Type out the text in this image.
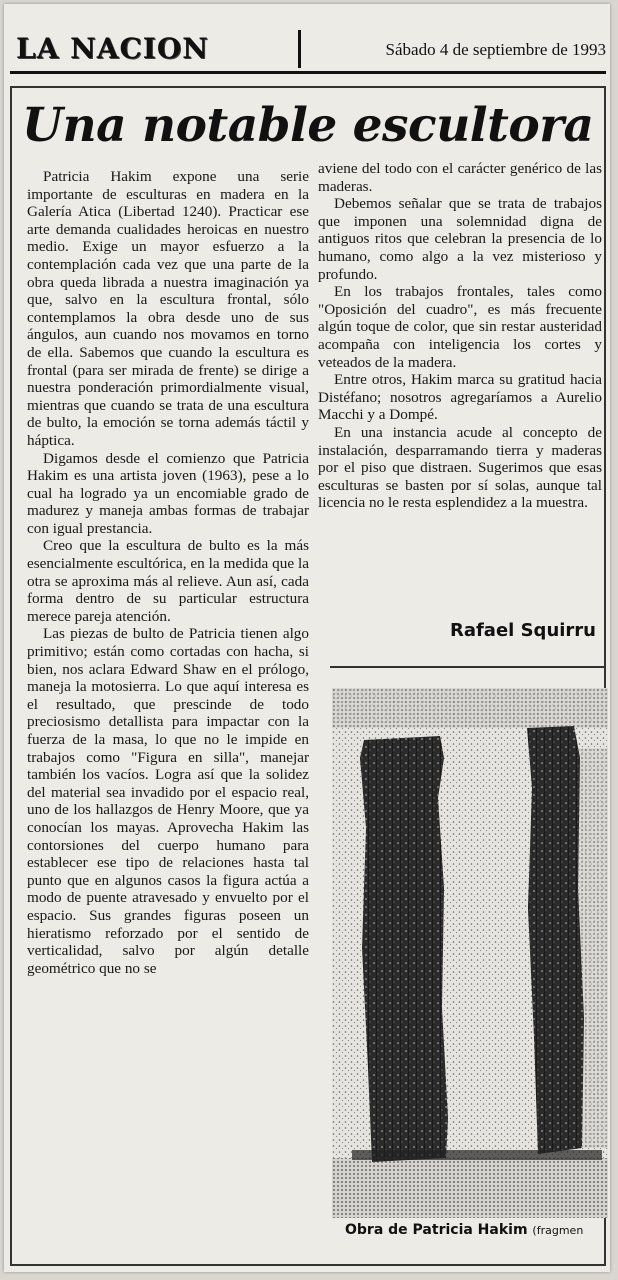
LA NACION	Sábado 4 de septiembre de 1993
Una notable escultora

Patricia Hakim expone una serie importante de esculturas en madera en la Galería Atica (Libertad 1240). Practicar ese arte demanda cualidades heroicas en nuestro medio. Exige un mayor esfuerzo a la contemplación cada vez que una parte de la obra queda librada a nuestra imaginación ya que, salvo en la escultura frontal, sólo contemplamos la obra desde uno de sus ángulos, aun cuando nos movamos en torno de ella. Sabemos que cuando la escultura es frontal (para ser mirada de frente) se dirige a nuestra ponderación primordialmente visual, mientras que cuando se trata de una escultura de bulto, la emoción se torna además táctil y háptica.

Digamos desde el comienzo que Patricia Hakim es una artista joven (1963), pese a lo cual ha logrado ya un encomiable grado de madurez y maneja ambas formas de trabajar con igual prestancia.

Creo que la escultura de bulto es la más esencialmente escultórica, en la medida que la otra se aproxima más al relieve. Aun así, cada forma dentro de su particular estructura merece pareja atención.

Las piezas de bulto de Patricia tienen algo primitivo; están como cortadas con hacha, si bien, nos aclara Edward Shaw en el prólogo, maneja la motosierra. Lo que aquí interesa es el resultado, que prescinde de todo preciosismo detallista para impactar con la fuerza de la masa, lo que no le impide en trabajos como "Figura en silla", manejar también los vacíos. Logra así que la solidez del material sea invadido por el espacio real, uno de los hallazgos de Henry Moore, que ya conocían los mayas. Aprovecha Hakim las contorsiones del cuerpo humano para establecer ese tipo de relaciones hasta tal punto que en algunos casos la figura actúa a modo de puente atravesado y envuelto por el espacio. Sus grandes figuras poseen un hieratismo reforzado por el sentido de verticalidad, salvo por algún detalle geométrico que no se

aviene del todo con el carácter genérico de las maderas.

Debemos señalar que se trata de trabajos que imponen una solemnidad digna de antiguos ritos que celebran la presencia de lo humano, como algo a la vez misterioso y profundo.

En los trabajos frontales, tales como "Oposición del cuadro", es más frecuente algún toque de color, que sin restar austeridad acompaña con inteligencia los cortes y veteados de la madera.

Entre otros, Hakim marca su gratitud hacia Distéfano; nosotros agregaríamos a Aurelio Macchi y a Dompé.

En una instancia acude al concepto de instalación, desparramando tierra y maderas por el piso que distraen. Sugerimos que esas esculturas se basten por sí solas, aunque tal licencia no le resta esplendidez a la muestra.

Rafael Squirru
Obra de Patricia Hakim (fragmen
